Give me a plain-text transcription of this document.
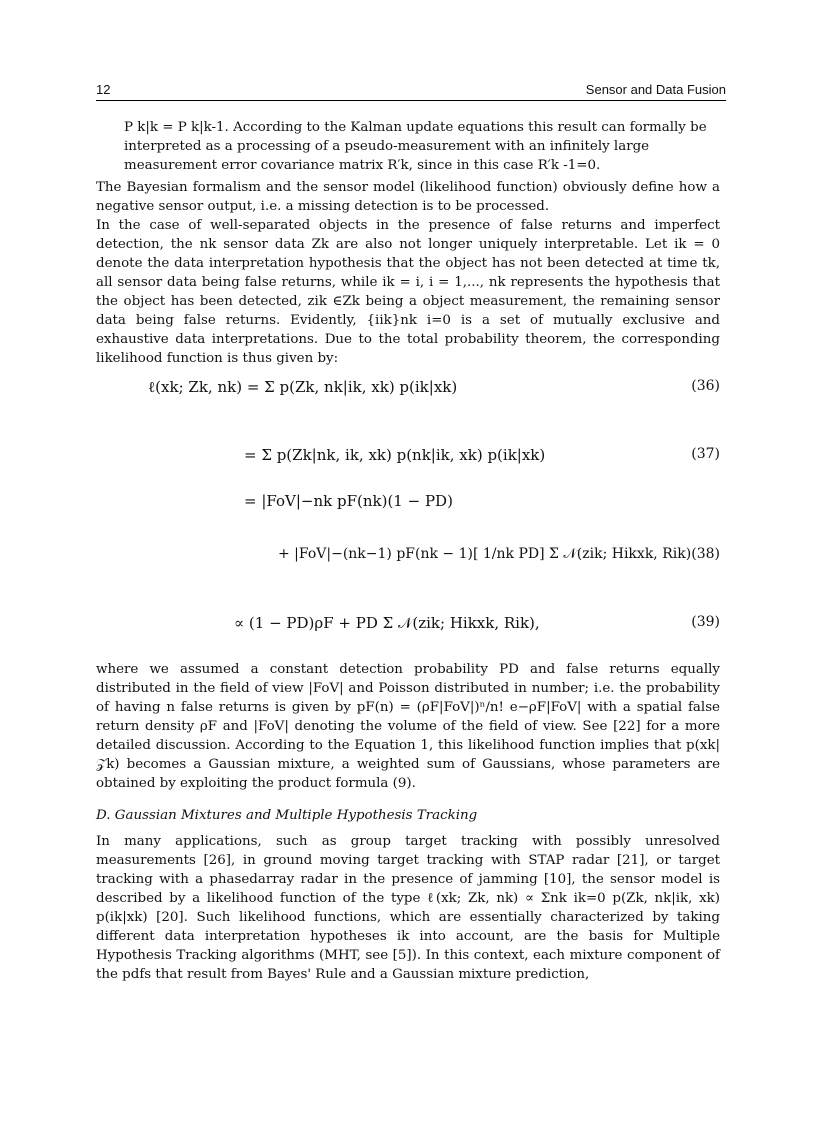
12	Sensor and Data Fusion
P k|k = P k|k-1. According to the Kalman update equations this result can formally be
interpreted as a processing of a pseudo-measurement with an infinitely large
measurement error covariance matrix R′k, since in this case R′k -1=0.
The Bayesian formalism and the sensor model (likelihood function) obviously define how a negative sensor output, i.e. a missing detection is to be processed.
In the case of well-separated objects in the presence of false returns and imperfect detection, the nk sensor data Zk are also not longer uniquely interpretable. Let ik = 0 denote the data interpretation hypothesis that the object has not been detected at time tk, all sensor data being false returns, while ik = i, i = 1,..., nk represents the hypothesis that the object has been detected, zik ∈Zk being a object measurement, the remaining sensor data being false returns. Evidently, {iik}nk i=0 is a set of mutually exclusive and exhaustive data interpretations. Due to the total probability theorem, the corresponding likelihood function is thus given by:
ℓ(xk; Zk, nk) = Σ p(Zk, nk|ik, xk) p(ik|xk)	(36)
= Σ p(Zk|nk, ik, xk) p(nk|ik, xk) p(ik|xk)	(37)
= |FoV|−nk pF(nk)(1 − PD)
+ |FoV|−(nk−1) pF(nk − 1)[ 1/nk PD] Σ 𝒩(zik; Hikxk, Rik) (38)
∝ (1 − PD)ρF + PD Σ 𝒩(zik; Hikxk, Rik),	(39)
where we assumed a constant detection probability PD and false returns equally distributed in the field of view |FoV| and Poisson distributed in number; i.e. the probability of having n false returns is given by pF(n) = (ρF|FoV|)ⁿ/n! e−ρF|FoV| with a spatial false return density ρF and |FoV| denoting the volume of the field of view. See [22] for a more detailed discussion. According to the Equation 1, this likelihood function implies that p(xk|𝒵k) becomes a Gaussian mixture, a weighted sum of Gaussians, whose parameters are obtained by exploiting the product formula (9).
D. Gaussian Mixtures and Multiple Hypothesis Tracking
In many applications, such as group target tracking with possibly unresolved measurements [26], in ground moving target tracking with STAP radar [21], or target tracking with a phasedarray radar in the presence of jamming [10], the sensor model is described by a likelihood function of the type ℓ(xk; Zk, nk) ∝ Σnk ik=0 p(Zk, nk|ik, xk) p(ik|xk) [20]. Such likelihood functions, which are essentially characterized by taking different data interpretation hypotheses ik into account, are the basis for Multiple Hypothesis Tracking algorithms (MHT, see [5]). In this context, each mixture component of the pdfs that result from Bayes' Rule and a Gaussian mixture prediction,
